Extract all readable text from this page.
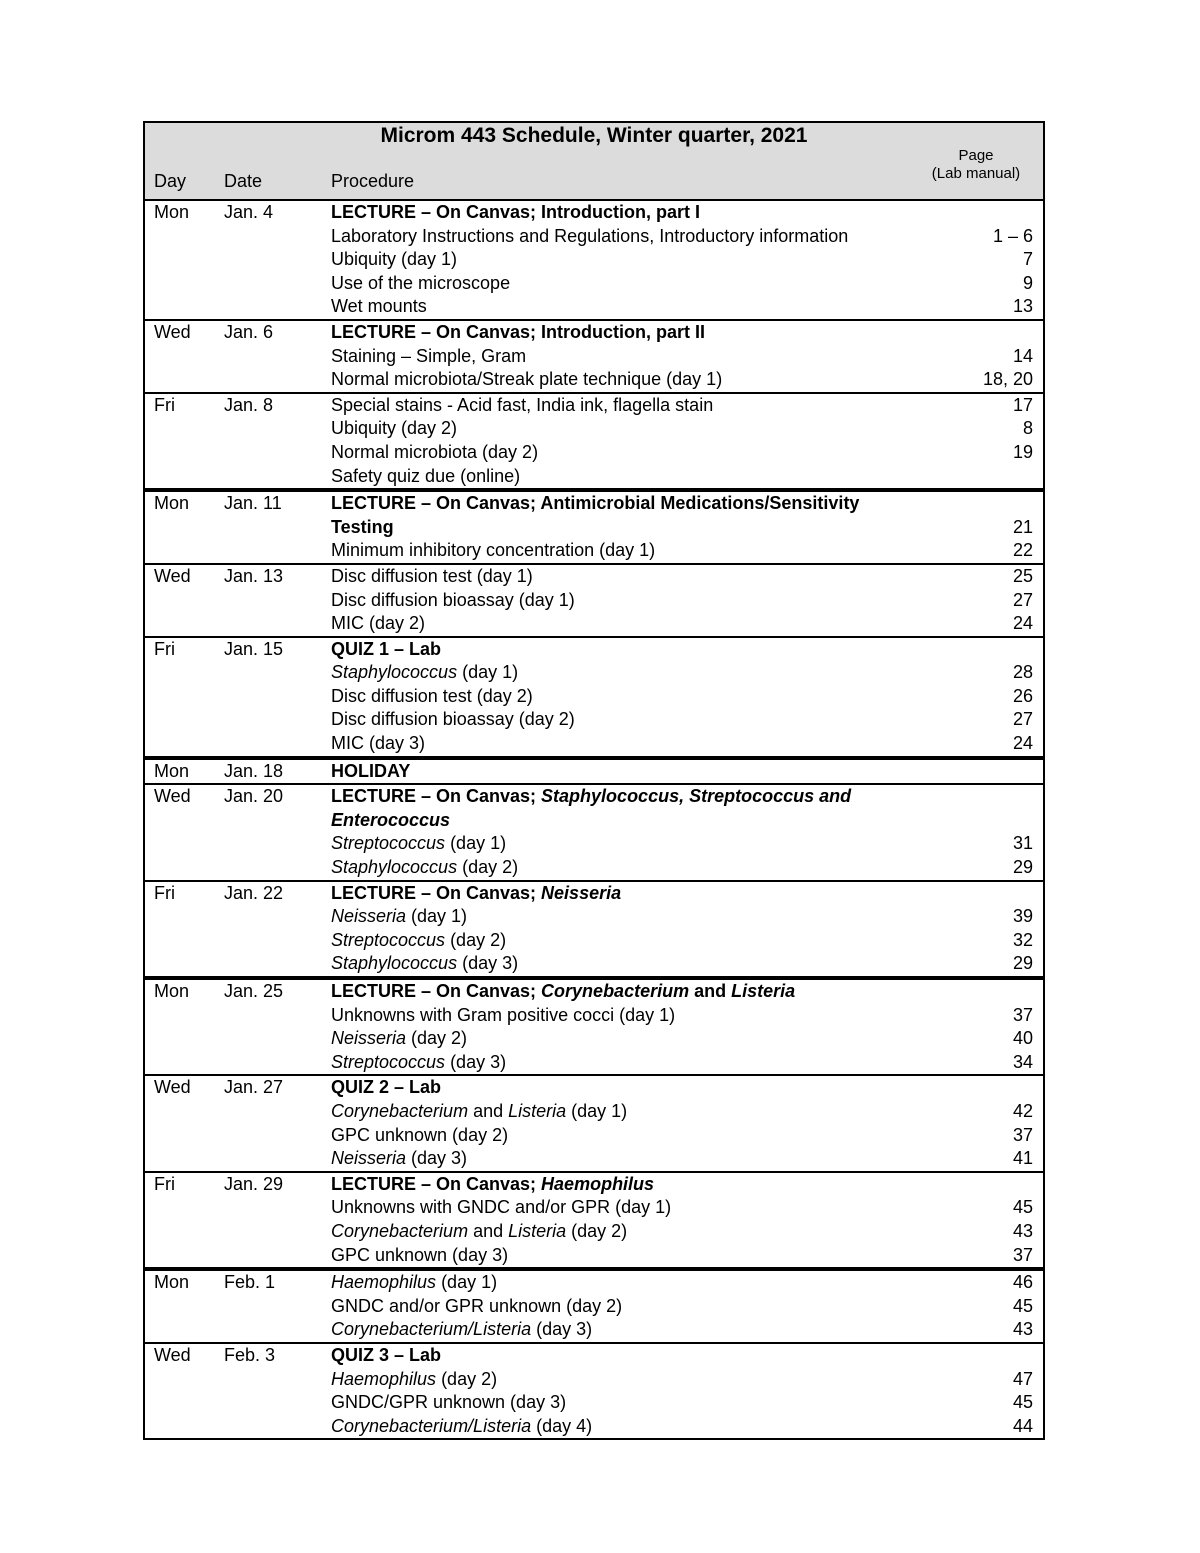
Microm 443 Schedule, Winter quarter, 2021
Day Date	Procedure
Page
(Lab manual)
Mon Jan. 4	LECTURE – On Canvas; Introduction, part I
Laboratory Instructions and Regulations, Introductory information	1 – 6
Ubiquity (day 1)	7
Use of the microscope	9
Wet mounts	13
Wed Jan. 6	LECTURE – On Canvas; Introduction, part II
Staining – Simple, Gram	14
Normal microbiota/Streak plate technique (day 1)	18, 20
Fri	Jan. 8	Special stains - Acid fast, India ink, flagella stain	17
Ubiquity (day 2)	8
Normal microbiota (day 2)	19
Safety quiz due (online)
Mon Jan. 11	LECTURE – On Canvas; Antimicrobial Medications/Sensitivity
Testing	21
Minimum inhibitory concentration (day 1)	22
Wed Jan. 13	Disc diffusion test (day 1)	25
Disc diffusion bioassay (day 1)	27
MIC (day 2)	24
Fri	Jan. 15	QUIZ 1 – Lab
Staphylococcus (day 1)	28
Disc diffusion test (day 2)	26
Disc diffusion bioassay (day 2)	27
MIC (day 3)	24
Mon Jan. 18	HOLIDAY
Wed Jan. 20	LECTURE – On Canvas; Staphylococcus, Streptococcus and
Enterococcus
Streptococcus (day 1)	31
Staphylococcus (day 2)	29
Fri	Jan. 22	LECTURE – On Canvas; Neisseria
Neisseria (day 1)	39
Streptococcus (day 2)	32
Staphylococcus (day 3)	29
Mon Jan. 25	LECTURE – On Canvas; Corynebacterium and Listeria
Unknowns with Gram positive cocci (day 1)	37
Neisseria (day 2)	40
Streptococcus (day 3)	34
Wed Jan. 27	QUIZ 2 – Lab
Corynebacterium and Listeria (day 1)	42
GPC unknown (day 2)	37
Neisseria (day 3)	41
Fri	Jan. 29	LECTURE – On Canvas; Haemophilus
Unknowns with GNDC and/or GPR (day 1)	45
Corynebacterium and Listeria (day 2)	43
GPC unknown (day 3)	37
Mon Feb. 1	Haemophilus (day 1)	46
GNDC and/or GPR unknown (day 2)	45
Corynebacterium/Listeria (day 3)	43
Wed Feb. 3	QUIZ 3 – Lab
Haemophilus (day 2)	47
GNDC/GPR unknown (day 3)	45
Corynebacterium/Listeria (day 4)	44
